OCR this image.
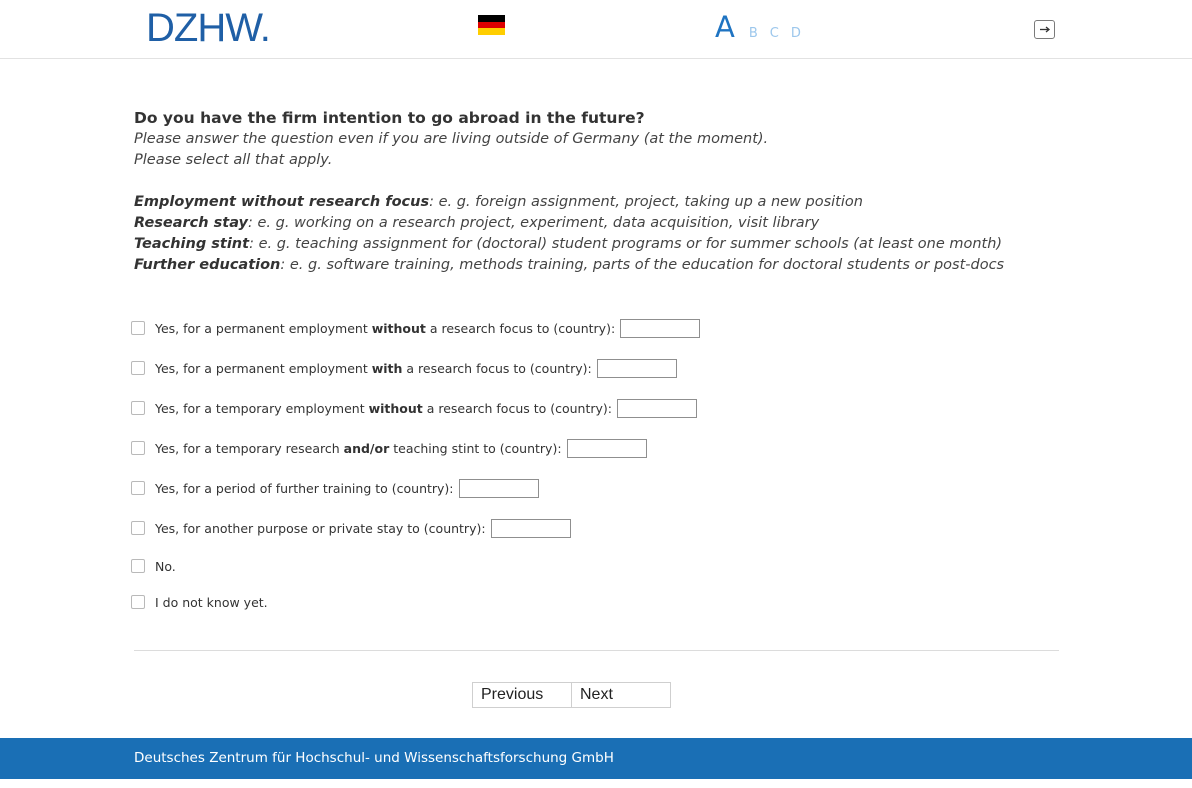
DZHW.	A B C D
Do you have the firm intention to go abroad in the future?
Please answer the question even if you are living outside of Germany (at the moment).
Please select all that apply.
Employment without research focus: e. g. foreign assignment, project, taking up a new position
Research stay: e. g. working on a research project, experiment, data acquisition, visit library
Teaching stint: e. g. teaching assignment for (doctoral) student programs or for summer schools (at least one month)
Further education: e. g. software training, methods training, parts of the education for doctoral students or post-docs
Yes, for a permanent employment without a research focus to (country):
Yes, for a permanent employment with a research focus to (country):
Yes, for a temporary employment without a research focus to (country):
Yes, for a temporary research and/or teaching stint to (country):
Yes, for a period of further training to (country):
Yes, for another purpose or private stay to (country):
No.
I do not know yet.
Previous	Next
Deutsches Zentrum für Hochschul- und Wissenschaftsforschung GmbH
